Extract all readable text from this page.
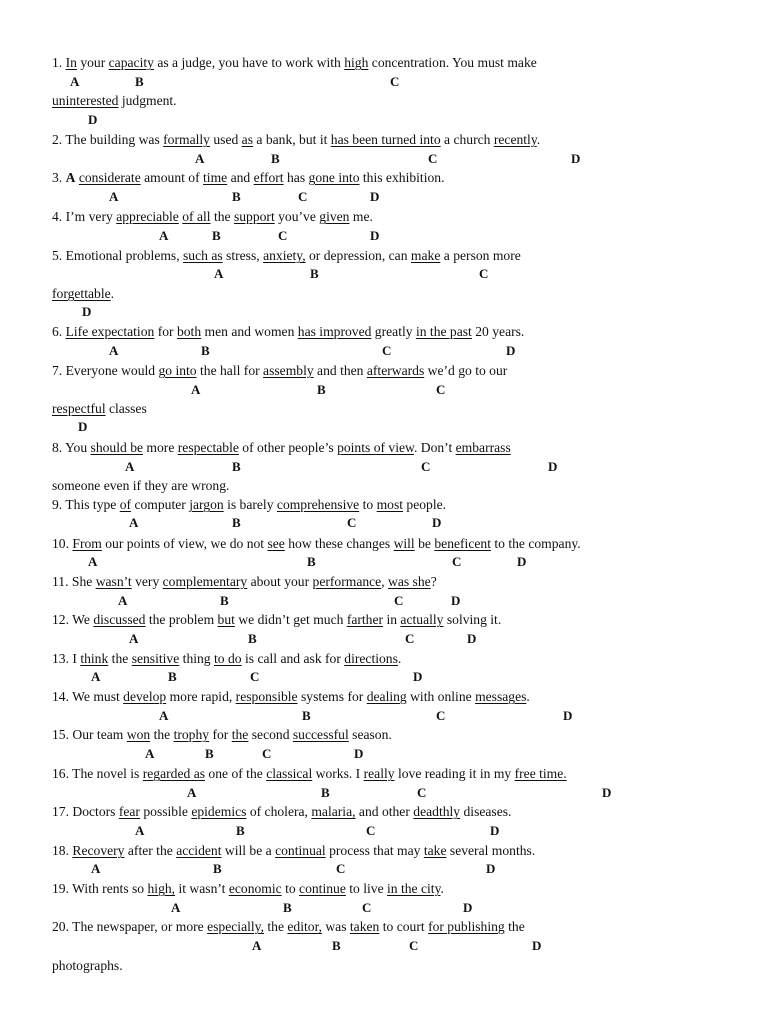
1. In your capacity as a judge, you have to work with high concentration. You must make
uninterested judgment.
A	B	C
D
2. The building was formally used as a bank, but it has been turned into a church recently.
A	B	C	D
3. A considerate amount of time and effort has gone into this exhibition.
A	B	C	D
4. I’m very appreciable of all the support you’ve given me.
A	B	C	D
5. Emotional problems, such as stress, anxiety, or depression, can make a person more
forgettable.
A	B	C
D
6. Life expectation for both men and women has improved greatly in the past 20 years.
A	B	C	D
7. Everyone would go into the hall for assembly and then afterwards we’d go to our
respectful classes
A	B	C
D
8. You should be more respectable of other people’s points of view. Don’t embarrass
someone even if they are wrong.
A	B	C	D
9. This type of computer jargon is barely comprehensive to most people.
A	B	C	D
10. From our points of view, we do not see how these changes will be beneficent to the company.
A	B	C	D
11. She wasn’t very complementary about your performance, was she?
A	B	C	D
12. We discussed the problem but we didn’t get much farther in actually solving it.
A	B	C	D
13. I think the sensitive thing to do is call and ask for directions.
A	B	C	D
14. We must develop more rapid, responsible systems for dealing with online messages.
A	B	C	D
15. Our team won the trophy for the second successful season.
A	B	C	D
16. The novel is regarded as one of the classical works. I really love reading it in my free time.
A	B	C	D
17. Doctors fear possible epidemics of cholera, malaria, and other deadthly diseases.
A	B	C	D
18. Recovery after the accident will be a continual process that may take several months.
A	B	C	D
19. With rents so high, it wasn’t economic to continue to live in the city.
A	B	C	D
20. The newspaper, or more especially, the editor, was taken to court for publishing the
photographs.
A	B	C	D
